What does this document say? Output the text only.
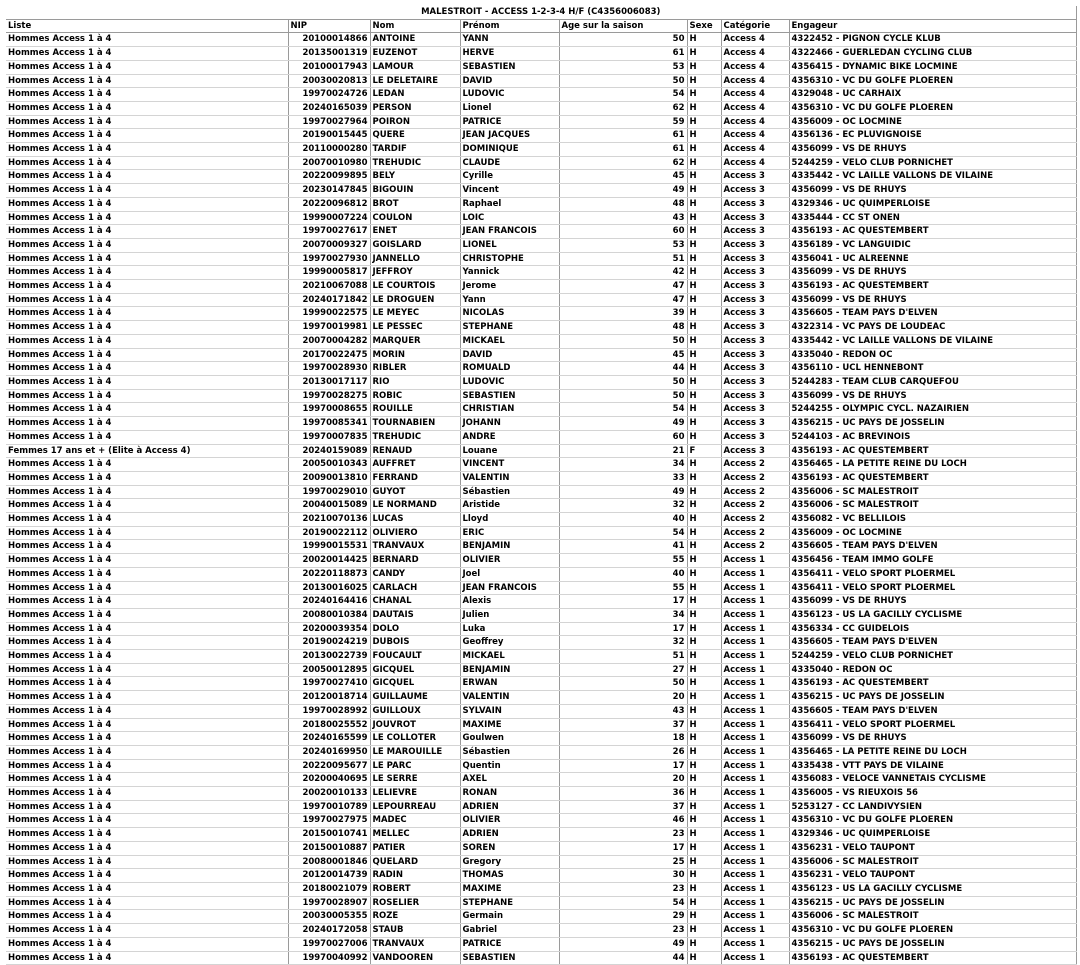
MALESTROIT - ACCESS 1-2-3-4 H/F (C4356006083)							
Liste	NIP	Nom	Prénom	Age sur la saison	Sexe	Catégorie	Engageur
Hommes Access 1 à 4	20100014866	ANTOINE	YANN	50	H	Access 4	4322452 - PIGNON CYCLE KLUB
Hommes Access 1 à 4	20135001319	EUZENOT	HERVE	61	H	Access 4	4322466 - GUERLEDAN CYCLING CLUB
Hommes Access 1 à 4	20100017943	LAMOUR	SEBASTIEN	53	H	Access 4	4356415 - DYNAMIC BIKE LOCMINE
Hommes Access 1 à 4	20030020813	LE DELETAIRE	DAVID	50	H	Access 4	4356310 - VC DU GOLFE PLOEREN
Hommes Access 1 à 4	19970024726	LEDAN	LUDOVIC	54	H	Access 4	4329048 - UC CARHAIX
Hommes Access 1 à 4	20240165039	PERSON	Lionel	62	H	Access 4	4356310 - VC DU GOLFE PLOEREN
Hommes Access 1 à 4	19970027964	POIRON	PATRICE	59	H	Access 4	4356009 - OC LOCMINE
Hommes Access 1 à 4	20190015445	QUERE	JEAN JACQUES	61	H	Access 4	4356136 - EC PLUVIGNOISE
Hommes Access 1 à 4	20110000280	TARDIF	DOMINIQUE	61	H	Access 4	4356099 - VS DE RHUYS
Hommes Access 1 à 4	20070010980	TREHUDIC	CLAUDE	62	H	Access 4	5244259 - VELO CLUB PORNICHET
Hommes Access 1 à 4	20220099895	BELY	Cyrille	45	H	Access 3	4335442 - VC LAILLE VALLONS DE VILAINE
Hommes Access 1 à 4	20230147845	BIGOUIN	Vincent	49	H	Access 3	4356099 - VS DE RHUYS
Hommes Access 1 à 4	20220096812	BROT	Raphael	48	H	Access 3	4329346 - UC QUIMPERLOISE
Hommes Access 1 à 4	19990007224	COULON	LOIC	43	H	Access 3	4335444 - CC ST ONEN
Hommes Access 1 à 4	19970027617	ENET	JEAN FRANCOIS	60	H	Access 3	4356193 - AC QUESTEMBERT
Hommes Access 1 à 4	20070009327	GOISLARD	LIONEL	53	H	Access 3	4356189 - VC LANGUIDIC
Hommes Access 1 à 4	19970027930	JANNELLO	CHRISTOPHE	51	H	Access 3	4356041 - UC ALREENNE
Hommes Access 1 à 4	19990005817	JEFFROY	Yannick	42	H	Access 3	4356099 - VS DE RHUYS
Hommes Access 1 à 4	20210067088	LE COURTOIS	Jerome	47	H	Access 3	4356193 - AC QUESTEMBERT
Hommes Access 1 à 4	20240171842	LE DROGUEN	Yann	47	H	Access 3	4356099 - VS DE RHUYS
Hommes Access 1 à 4	19990022575	LE MEYEC	NICOLAS	39	H	Access 3	4356605 - TEAM PAYS D'ELVEN
Hommes Access 1 à 4	19970019981	LE PESSEC	STEPHANE	48	H	Access 3	4322314 - VC PAYS DE LOUDEAC
Hommes Access 1 à 4	20070004282	MARQUER	MICKAEL	50	H	Access 3	4335442 - VC LAILLE VALLONS DE VILAINE
Hommes Access 1 à 4	20170022475	MORIN	DAVID	45	H	Access 3	4335040 - REDON OC
Hommes Access 1 à 4	19970028930	RIBLER	ROMUALD	44	H	Access 3	4356110 - UCL HENNEBONT
Hommes Access 1 à 4	20130017117	RIO	LUDOVIC	50	H	Access 3	5244283 - TEAM CLUB CARQUEFOU
Hommes Access 1 à 4	19970028275	ROBIC	SEBASTIEN	50	H	Access 3	4356099 - VS DE RHUYS
Hommes Access 1 à 4	19970008655	ROUILLE	CHRISTIAN	54	H	Access 3	5244255 - OLYMPIC CYCL. NAZAIRIEN
Hommes Access 1 à 4	19970085341	TOURNABIEN	JOHANN	49	H	Access 3	4356215 - UC PAYS DE JOSSELIN
Hommes Access 1 à 4	19970007835	TREHUDIC	ANDRE	60	H	Access 3	5244103 - AC BREVINOIS
Femmes 17 ans et + (Elite à Access 4)	20240159089	RENAUD	Louane	21	F	Access 3	4356193 - AC QUESTEMBERT
Hommes Access 1 à 4	20050010343	AUFFRET	VINCENT	34	H	Access 2	4356465 - LA PETITE REINE DU LOCH
Hommes Access 1 à 4	20090013810	FERRAND	VALENTIN	33	H	Access 2	4356193 - AC QUESTEMBERT
Hommes Access 1 à 4	19970029010	GUYOT	Sébastien	49	H	Access 2	4356006 - SC MALESTROIT
Hommes Access 1 à 4	20040015089	LE NORMAND	Aristide	32	H	Access 2	4356006 - SC MALESTROIT
Hommes Access 1 à 4	20210070136	LUCAS	Lloyd	40	H	Access 2	4356082 - VC BELLILOIS
Hommes Access 1 à 4	20190022112	OLIVIERO	ERIC	54	H	Access 2	4356009 - OC LOCMINE
Hommes Access 1 à 4	19990015531	TRANVAUX	BENJAMIN	41	H	Access 2	4356605 - TEAM PAYS D'ELVEN
Hommes Access 1 à 4	20020014425	BERNARD	OLIVIER	55	H	Access 1	4356456 - TEAM IMMO GOLFE
Hommes Access 1 à 4	20220118873	CANDY	Joel	40	H	Access 1	4356411 - VELO SPORT PLOERMEL
Hommes Access 1 à 4	20130016025	CARLACH	JEAN FRANCOIS	55	H	Access 1	4356411 - VELO SPORT PLOERMEL
Hommes Access 1 à 4	20240164416	CHANAL	Alexis	17	H	Access 1	4356099 - VS DE RHUYS
Hommes Access 1 à 4	20080010384	DAUTAIS	Julien	34	H	Access 1	4356123 - US LA GACILLY CYCLISME
Hommes Access 1 à 4	20200039354	DOLO	Luka	17	H	Access 1	4356334 - CC GUIDELOIS
Hommes Access 1 à 4	20190024219	DUBOIS	Geoffrey	32	H	Access 1	4356605 - TEAM PAYS D'ELVEN
Hommes Access 1 à 4	20130022739	FOUCAULT	MICKAEL	51	H	Access 1	5244259 - VELO CLUB PORNICHET
Hommes Access 1 à 4	20050012895	GICQUEL	BENJAMIN	27	H	Access 1	4335040 - REDON OC
Hommes Access 1 à 4	19970027410	GICQUEL	ERWAN	50	H	Access 1	4356193 - AC QUESTEMBERT
Hommes Access 1 à 4	20120018714	GUILLAUME	VALENTIN	20	H	Access 1	4356215 - UC PAYS DE JOSSELIN
Hommes Access 1 à 4	19970028992	GUILLOUX	SYLVAIN	43	H	Access 1	4356605 - TEAM PAYS D'ELVEN
Hommes Access 1 à 4	20180025552	JOUVROT	MAXIME	37	H	Access 1	4356411 - VELO SPORT PLOERMEL
Hommes Access 1 à 4	20240165599	LE COLLOTER	Goulwen	18	H	Access 1	4356099 - VS DE RHUYS
Hommes Access 1 à 4	20240169950	LE MAROUILLE	Sébastien	26	H	Access 1	4356465 - LA PETITE REINE DU LOCH
Hommes Access 1 à 4	20220095677	LE PARC	Quentin	17	H	Access 1	4335438 - VTT PAYS DE VILAINE
Hommes Access 1 à 4	20200040695	LE SERRE	AXEL	20	H	Access 1	4356083 - VELOCE VANNETAIS CYCLISME
Hommes Access 1 à 4	20020010133	LELIEVRE	RONAN	36	H	Access 1	4356005 - VS RIEUXOIS 56
Hommes Access 1 à 4	19970010789	LEPOURREAU	ADRIEN	37	H	Access 1	5253127 - CC LANDIVYSIEN
Hommes Access 1 à 4	19970027975	MADEC	OLIVIER	46	H	Access 1	4356310 - VC DU GOLFE PLOEREN
Hommes Access 1 à 4	20150010741	MELLEC	ADRIEN	23	H	Access 1	4329346 - UC QUIMPERLOISE
Hommes Access 1 à 4	20150010887	PATIER	SOREN	17	H	Access 1	4356231 - VELO TAUPONT
Hommes Access 1 à 4	20080001846	QUELARD	Gregory	25	H	Access 1	4356006 - SC MALESTROIT
Hommes Access 1 à 4	20120014739	RADIN	THOMAS	30	H	Access 1	4356231 - VELO TAUPONT
Hommes Access 1 à 4	20180021079	ROBERT	MAXIME	23	H	Access 1	4356123 - US LA GACILLY CYCLISME
Hommes Access 1 à 4	19970028907	ROSELIER	STEPHANE	54	H	Access 1	4356215 - UC PAYS DE JOSSELIN
Hommes Access 1 à 4	20030005355	ROZE	Germain	29	H	Access 1	4356006 - SC MALESTROIT
Hommes Access 1 à 4	20240172058	STAUB	Gabriel	23	H	Access 1	4356310 - VC DU GOLFE PLOEREN
Hommes Access 1 à 4	19970027006	TRANVAUX	PATRICE	49	H	Access 1	4356215 - UC PAYS DE JOSSELIN
Hommes Access 1 à 4	19970040992	VANDOOREN	SEBASTIEN	44	H	Access 1	4356193 - AC QUESTEMBERT
